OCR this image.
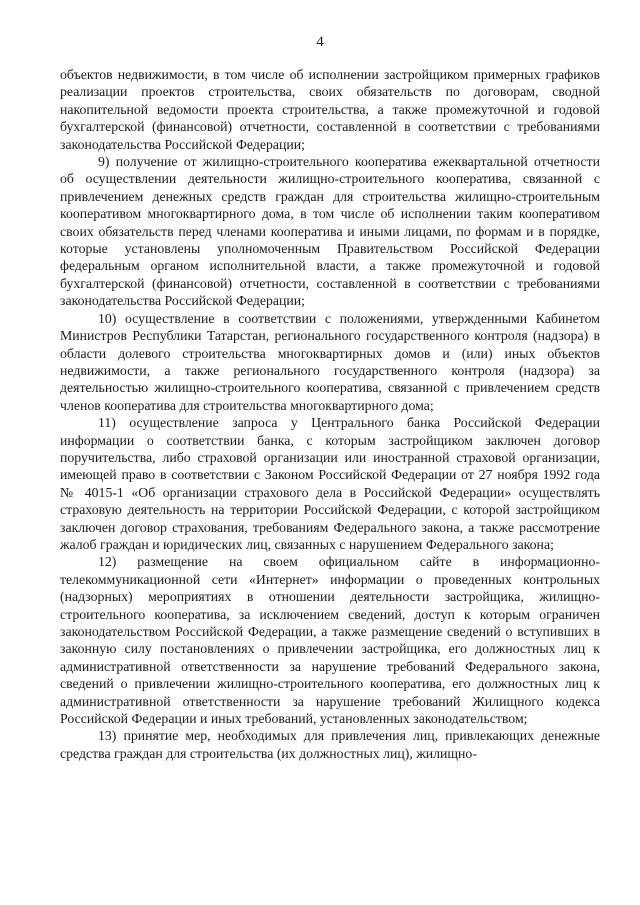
4

объектов недвижимости, в том числе об исполнении застройщиком примерных графиков реализации проектов строительства, своих обязательств по договорам, сводной накопительной ведомости проекта строительства, а также промежуточной и годовой бухгалтерской (финансовой) отчетности, составленной в соответствии с требованиями законодательства Российской Федерации;

9) получение от жилищно-строительного кооператива ежеквартальной отчетности об осуществлении деятельности жилищно-строительного кооператива, связанной с привлечением денежных средств граждан для строительства жилищно-строительным кооперативом многоквартирного дома, в том числе об исполнении таким кооперативом своих обязательств перед членами кооператива и иными лицами, по формам и в порядке, которые установлены уполномоченным Правительством Российской Федерации федеральным органом исполнительной власти, а также промежуточной и годовой бухгалтерской (финансовой) отчетности, составленной в соответствии с требованиями законодательства Российской Федерации;

10) осуществление в соответствии с положениями, утвержденными Кабинетом Министров Республики Татарстан, регионального государственного контроля (надзора) в области долевого строительства многоквартирных домов и (или) иных объектов недвижимости, а также регионального государственного контроля (надзора) за деятельностью жилищно-строительного кооператива, связанной с привлечением средств членов кооператива для строительства многоквартирного дома;

11) осуществление запроса у Центрального банка Российской Федерации информации о соответствии банка, с которым застройщиком заключен договор поручительства, либо страховой организации или иностранной страховой организации, имеющей право в соответствии с Законом Российской Федерации от 27 ноября 1992 года № 4015-1 «Об организации страхового дела в Российской Федерации» осуществлять страховую деятельность на территории Российской Федерации, с которой застройщиком заключен договор страхования, требованиям Федерального закона, а также рассмотрение жалоб граждан и юридических лиц, связанных с нарушением Федерального закона;

12) размещение на своем официальном сайте в информационно-телекоммуникационной сети «Интернет» информации о проведенных контрольных (надзорных) мероприятиях в отношении деятельности застройщика, жилищно-строительного кооператива, за исключением сведений, доступ к которым ограничен законодательством Российской Федерации, а также размещение сведений о вступивших в законную силу постановлениях о привлечении застройщика, его должностных лиц к административной ответственности за нарушение требований Федерального закона, сведений о привлечении жилищно-строительного кооператива, его должностных лиц к административной ответственности за нарушение требований Жилищного кодекса Российской Федерации и иных требований, установленных законодательством;

13) принятие мер, необходимых для привлечения лиц, привлекающих денежные средства граждан для строительства (их должностных лиц), жилищно-
